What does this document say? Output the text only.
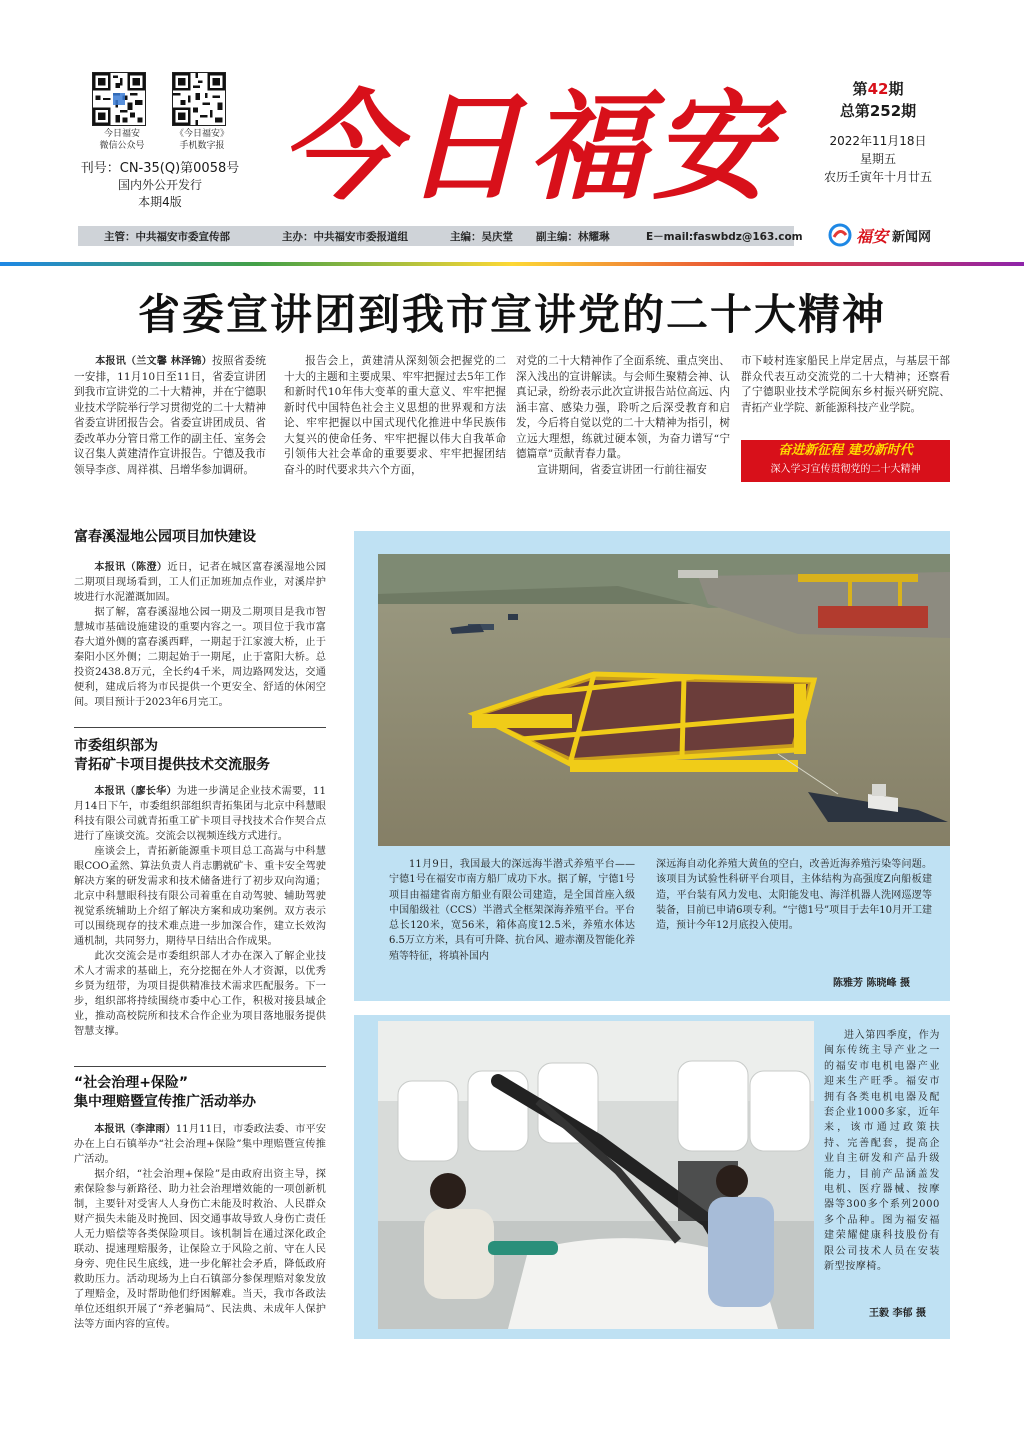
今日福安
微信公众号
《今日福安》
手机数字报
刊号：CN-35(Q)第0058号
国内外公开发行
本期4版 今日福安	第42期
总第252期
2022年11月18日
星期五
农历壬寅年十月廿五
主管：中共福安市委宣传部	主办：中共福安市委报道组	主编：吴庆堂 副主编：林耀琳	E－mail:faswbdz@163.com	福安 新闻网
省委宣讲团到我市宣讲党的二十大精神
本报讯（兰文馨 林泽锦）按照省委统一安排，11月10日至11日，省委宣讲团到我市宣讲党的二十大精神，并在宁德职业技术学院举行学习贯彻党的二十大精神省委宣讲团报告会。省委宣讲团成员、省委改革办分管日常工作的副主任、室务会议召集人黄建清作宣讲报告。宁德及我市领导李彦、周祥祺、吕增华参加调研。
报告会上，黄建清从深刻领会把握党的二十大的主题和主要成果、牢牢把握过去5年工作和新时代10年伟大变革的重大意义、牢牢把握新时代中国特色社会主义思想的世界观和方法论、牢牢把握以中国式现代化推进中华民族伟大复兴的使命任务、牢牢把握以伟大自我革命引领伟大社会革命的重要要求、牢牢把握团结奋斗的时代要求共六个方面，
对党的二十大精神作了全面系统、重点突出、深入浅出的宣讲解读。与会师生聚精会神、认真记录，纷纷表示此次宣讲报告站位高远、内涵丰富、感染力强，聆听之后深受教育和启发，今后将自觉以党的二十大精神为指引，树立远大理想，练就过硬本领，为奋力谱写“宁德篇章”贡献青春力量。
宣讲期间，省委宣讲团一行前往福安
市下岐村连家船民上岸定居点，与基层干部群众代表互动交流党的二十大精神；还察看了宁德职业技术学院闽东乡村振兴研究院、青拓产业学院、新能源科技产业学院。
奋进新征程 建功新时代
深入学习宣传贯彻党的二十大精神
富春溪湿地公园项目加快建设
本报讯（陈澄）近日，记者在城区富春溪湿地公园二期项目现场看到，工人们正加班加点作业，对溪岸护坡进行水泥灌溉加固。
据了解，富春溪湿地公园一期及二期项目是我市智慧城市基础设施建设的重要内容之一。项目位于我市富春大道外侧的富春溪西畔，一期起于江家渡大桥，止于秦阳小区外侧；二期起始于一期尾，止于富阳大桥。总投资2438.8万元，全长约4千米，周边路网发达，交通便利，建成后将为市民提供一个更安全、舒适的休闲空间。项目预计于2023年6月完工。
市委组织部为
青拓矿卡项目提供技术交流服务
本报讯（廖长华）为进一步满足企业技术需要，11月14日下午，市委组织部组织青拓集团与北京中科慧眼科技有限公司就青拓重工矿卡项目寻找技术合作契合点进行了座谈交流。交流会以视频连线方式进行。
座谈会上，青拓新能源重卡项目总工高嵩与中科慧眼COO孟然、算法负责人肖志鹏就矿卡、重卡安全驾驶解决方案的研发需求和技术储备进行了初步双向沟通；北京中科慧眼科技有限公司着重在自动驾驶、辅助驾驶视觉系统辅助上介绍了解决方案和成功案例。双方表示可以围绕现存的技术难点进一步加深合作，建立长效沟通机制，共同努力，期待早日结出合作成果。
此次交流会是市委组织部人才办在深入了解企业技术人才需求的基础上，充分挖掘在外人才资源，以优秀乡贤为纽带，为项目提供精准技术需求匹配服务。下一步，组织部将持续围绕市委中心工作，积极对接县域企业，推动高校院所和技术合作企业为项目落地服务提供智慧支撑。
“社会治理+保险”
集中理赔暨宣传推广活动举办
本报讯（李津雨）11月11日，市委政法委、市平安办在上白石镇举办“社会治理+保险”集中理赔暨宣传推广活动。
据介绍，“社会治理+保险”是由政府出资主导，探索保险参与新路径、助力社会治理增效能的一项创新机制，主要针对受害人人身伤亡未能及时救治、人民群众财产损失未能及时挽回、因交通事故导致人身伤亡责任人无力赔偿等各类保险项目。该机制旨在通过深化政企联动、提速理赔服务，让保险立于风险之前、守在人民身旁、兜住民生底线，进一步化解社会矛盾，降低政府救助压力。活动现场为上白石镇部分参保理赔对象发放了理赔金，及时帮助他们纾困解难。当天，我市各政法单位还组织开展了“养老骗局”、民法典、未成年人保护法等方面内容的宣传。
11月9日，我国最大的深远海半潜式养殖平台——宁德1号在福安市南方船厂成功下水。据了解，宁德1号项目由福建省南方船业有限公司建造，是全国首座入级中国船级社（CCS）半潜式全框架深海养殖平台。平台总长120米，宽56米，箱体高度12.5米，养殖水体达6.5万立方米，具有可升降、抗台风、避赤潮及智能化养殖等特征，将填补国内
深远海自动化养殖大黄鱼的空白，改善近海养殖污染等问题。该项目为试验性科研平台项目，主体结构为高强度Z向船板建造，平台装有风力发电、太阳能发电、海洋机器人洗网巡逻等装备，目前已申请6项专利。“宁德1号”项目于去年10月开工建造，预计今年12月底投入使用。
陈雅芳 陈晓峰 摄
进入第四季度，作为闽东传统主导产业之一的福安市电机电器产业迎来生产旺季。福安市拥有各类电机电器及配套企业1000多家，近年来，该市通过政策扶持、完善配套，提高企业自主研发和产品升级能力，目前产品涵盖发电机、医疗器械、按摩器等300多个系列2000多个品种。图为福安福建荣耀健康科技股份有限公司技术人员在安装新型按摩椅。
王毅 李郁 摄
